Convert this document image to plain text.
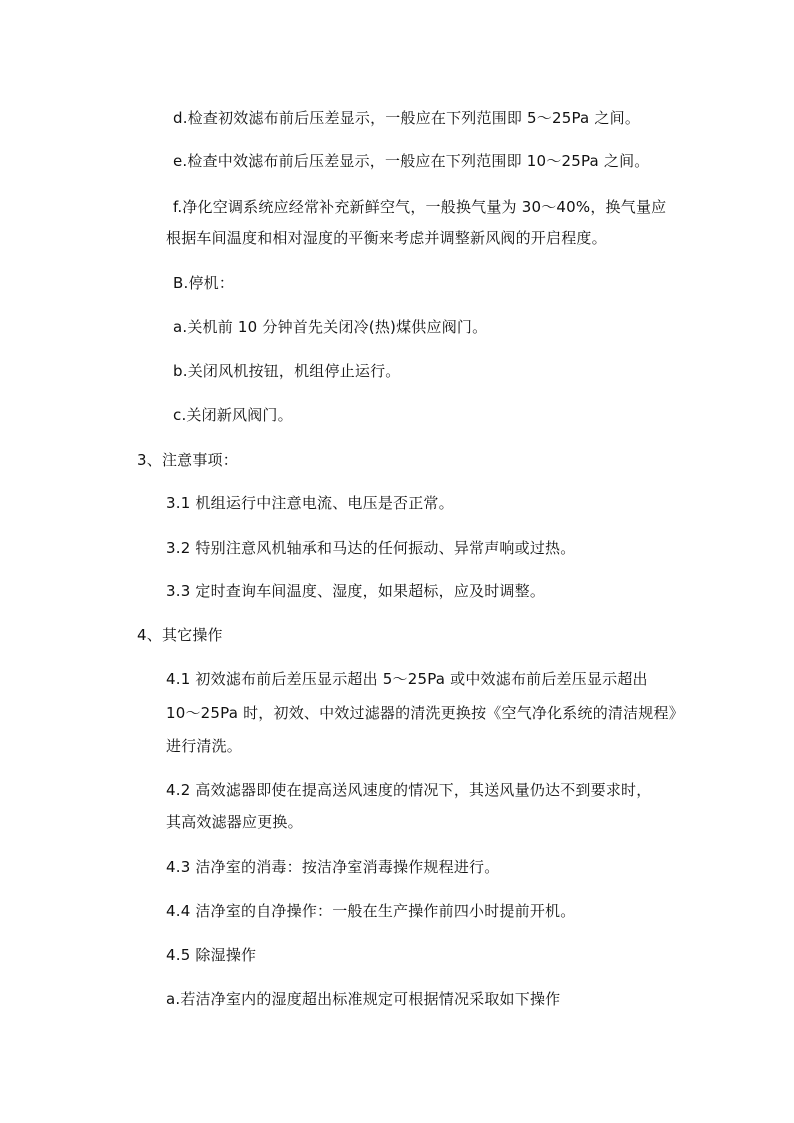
d.检查初效滤布前后压差显示，一般应在下列范围即 5～25Pa 之间。
e.检查中效滤布前后压差显示，一般应在下列范围即 10～25Pa 之间。
f.净化空调系统应经常补充新鲜空气，一般换气量为 30～40%，换气量应
根据车间温度和相对湿度的平衡来考虑并调整新风阀的开启程度。
B.停机：
a.关机前 10 分钟首先关闭冷(热)煤供应阀门。
b.关闭风机按钮，机组停止运行。
c.关闭新风阀门。
3、注意事项：
3.1 机组运行中注意电流、电压是否正常。
3.2 特别注意风机轴承和马达的任何振动、异常声响或过热。
3.3 定时查询车间温度、湿度，如果超标，应及时调整。
4、其它操作
4.1 初效滤布前后差压显示超出 5～25Pa 或中效滤布前后差压显示超出
10～25Pa 时，初效、中效过滤器的清洗更换按《空气净化系统的清洁规程》
进行清洗。
4.2 高效滤器即使在提高送风速度的情况下，其送风量仍达不到要求时，
其高效滤器应更换。
4.3 洁净室的消毒：按洁净室消毒操作规程进行。
4.4 洁净室的自净操作：一般在生产操作前四小时提前开机。
4.5 除湿操作
a.若洁净室内的湿度超出标准规定可根据情况采取如下操作
